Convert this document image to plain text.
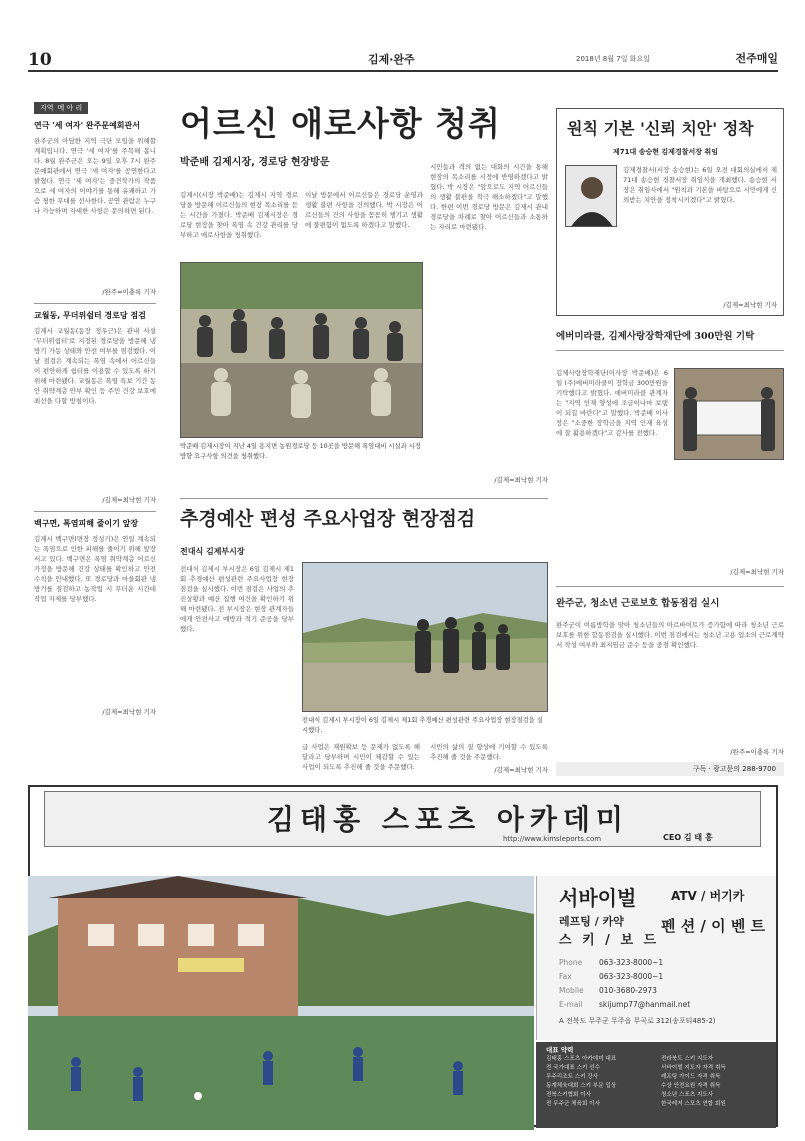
10	김제·완주	2018년 8월 7일 화요일	전주매일
지역 메 아 리
연극 '세 여자' 완주문예회관서
완주군의 아담한 지역 극단 모임을 위해할 계획입니다. 연극 '세 여자'를 주목해 봅니다. 8월 완주군은 오는 9일 오후 7시 완주문예회관에서 연극 '세 여자'를 공연한다고 밝혔다. 연극 '세 여자'는 중견작가의 작품으로 세 여자의 이야기를 통해 유쾌하고 가슴 찡한 무대를 선사한다. 공연 관람은 누구나 가능하며 자세한 사항은 문의하면 된다.
/완주=이충록 기자
교월동, 무더위쉼터 경로당 점검
김제시 교월동(동장 정우근)은 관내 사설 '무더위쉼터'로 지정된 경로당을 방문해 냉방기 가동 상태와 안전 여부를 점검했다. 이날 점검은 계속되는 폭염 속에서 어르신들이 편안하게 쉼터를 이용할 수 있도록 하기 위해 마련됐다. 교월동은 폭염 특보 기간 동안 취약계층 안부 확인 등 주민 건강 보호에 최선을 다할 방침이다.
/김제=최낙현 기자
백구면, 폭염피해 줄이기 앞장
김제시 백구면(면장 정성기)은 연일 계속되는 폭염으로 인한 피해를 줄이기 위해 앞장서고 있다. 백구면은 폭염 취약계층 어르신 가정을 방문해 건강 상태를 확인하고 안전수칙을 안내했다. 또 경로당과 마을회관 냉방기를 점검하고 농작업 시 무더운 시간대 작업 자제를 당부했다.
/김제=최낙현 기자
어르신 애로사항 청취
박준배 김제시장, 경로당 현장방문
김제시(시장 박준배)는 김제시 지역 경로당을 방문해 어르신들의 현장 목소리를 듣는 시간을 가졌다. 박준배 김제시장은 경로당 현장을 찾아 폭염 속 건강 관리를 당부하고 애로사항을 청취했다.
이날 방문에서 어르신들은 경로당 운영과 생활 불편 사항을 건의했다. 박 시장은 어르신들의 건의 사항을 꼼꼼히 챙기고 생활에 불편함이 없도록 하겠다고 말했다.
시민들과 격의 없는 대화의 시간을 통해 현장의 목소리를 시정에 반영하겠다고 밝혔다. 박 시장은 "앞으로도 지역 어르신들의 생활 불편을 적극 해소하겠다"고 말했다. 한편 이번 경로당 방문은 김제시 관내 경로당을 차례로 찾아 어르신들과 소통하는 자리로 마련됐다.
/김제=최낙현 기자
박준배 김제시장이 지난 4일 용지면 농원경로당 등 10곳을 방문해 폭염대비 시설과 시정방향 요구사항 의견을 청취했다.
추경예산 편성 주요사업장 현장점검
전대식 김제부시장
전대식 김제시 부시장은 6일 김제시 제1회 추경예산 편성관련 주요사업장 현장점검을 실시했다. 이번 점검은 사업의 추진상황과 예산 집행 여건을 확인하기 위해 마련됐다. 전 부시장은 현장 관계자들에게 안전사고 예방과 적기 준공을 당부했다.
전대식 김제시 부시장이 6일 김제시 제1회 추경예산 편성관련 주요사업장 현장점검을 실시했다.
급 사업은 재원확보 등 문제가 없도록 해 달라고 당부하며 시민이 체감할 수 있는 사업이 되도록 추진해 줄 것을 주문했다.
시민의 삶의 질 향상에 기여할 수 있도록 추진해 줄 것을 주문했다.
/김제=최낙현 기자
원칙 기본 '신뢰 치안' 정착
제71대 송승현 김제경찰서장 취임
김제경찰서(서장 송승현)는 6일 오전 대회의실에서 제71대 송승현 경찰서장 취임식을 개최했다. 송승현 서장은 취임사에서 "원칙과 기본을 바탕으로 시민에게 신뢰받는 치안을 정착시키겠다"고 밝혔다.
/김제=최낙현 기자
에버미라클, 김제사랑장학재단에 300만원 기탁
김제사랑장학재단(이사장 박준배)은 6일 (주)에버미라클이 장학금 300만원을 기탁했다고 밝혔다. 에버미라클 관계자는 "지역 인재 양성에 조금이나마 보탬이 되길 바란다"고 말했다. 박준배 이사장은 "소중한 장학금을 지역 인재 육성에 잘 활용하겠다"고 감사를 전했다.
/김제=최낙현 기자
완주군, 청소년 근로보호 합동점검 실시
완주군이 여름방학을 맞아 청소년들의 아르바이트가 증가함에 따라 청소년 근로보호를 위한 합동점검을 실시했다. 이번 점검에서는 청소년 고용 업소의 근로계약서 작성 여부와 최저임금 준수 등을 중점 확인했다.
/완주=이충록 기자
구독 · 광고문의 288-9700
김태홍 스포츠 아카데미
http://www.kimsleports.com	CEO 김 태 홍
서바이벌	ATV / 버기카
레프팅 / 카약 펜 션 / 이 벤 트
스 키 / 보 드
Phone 063-323-8000~1
Fax	063-323-8000~1
Mobile 010-3680-2973
E-mail skijump77@hanmail.net
A 전북도 무주군 무주읍 무곡로 312(송포티485-2)
대표 약력
김태홍 스포츠 아카데미 대표
전 국가대표 스키 선수
무주리조트 스키 강사
동계체육대회 스키 부문 입상
전북스키협회 이사
전 무주군 체육회 이사
전라북도 스키 지도자
서바이벌 지도자 자격 취득
레프팅 가이드 자격 취득
수상 안전요원 자격 취득
청소년 스포츠 지도사
한국레저 스포츠 연합 회원
